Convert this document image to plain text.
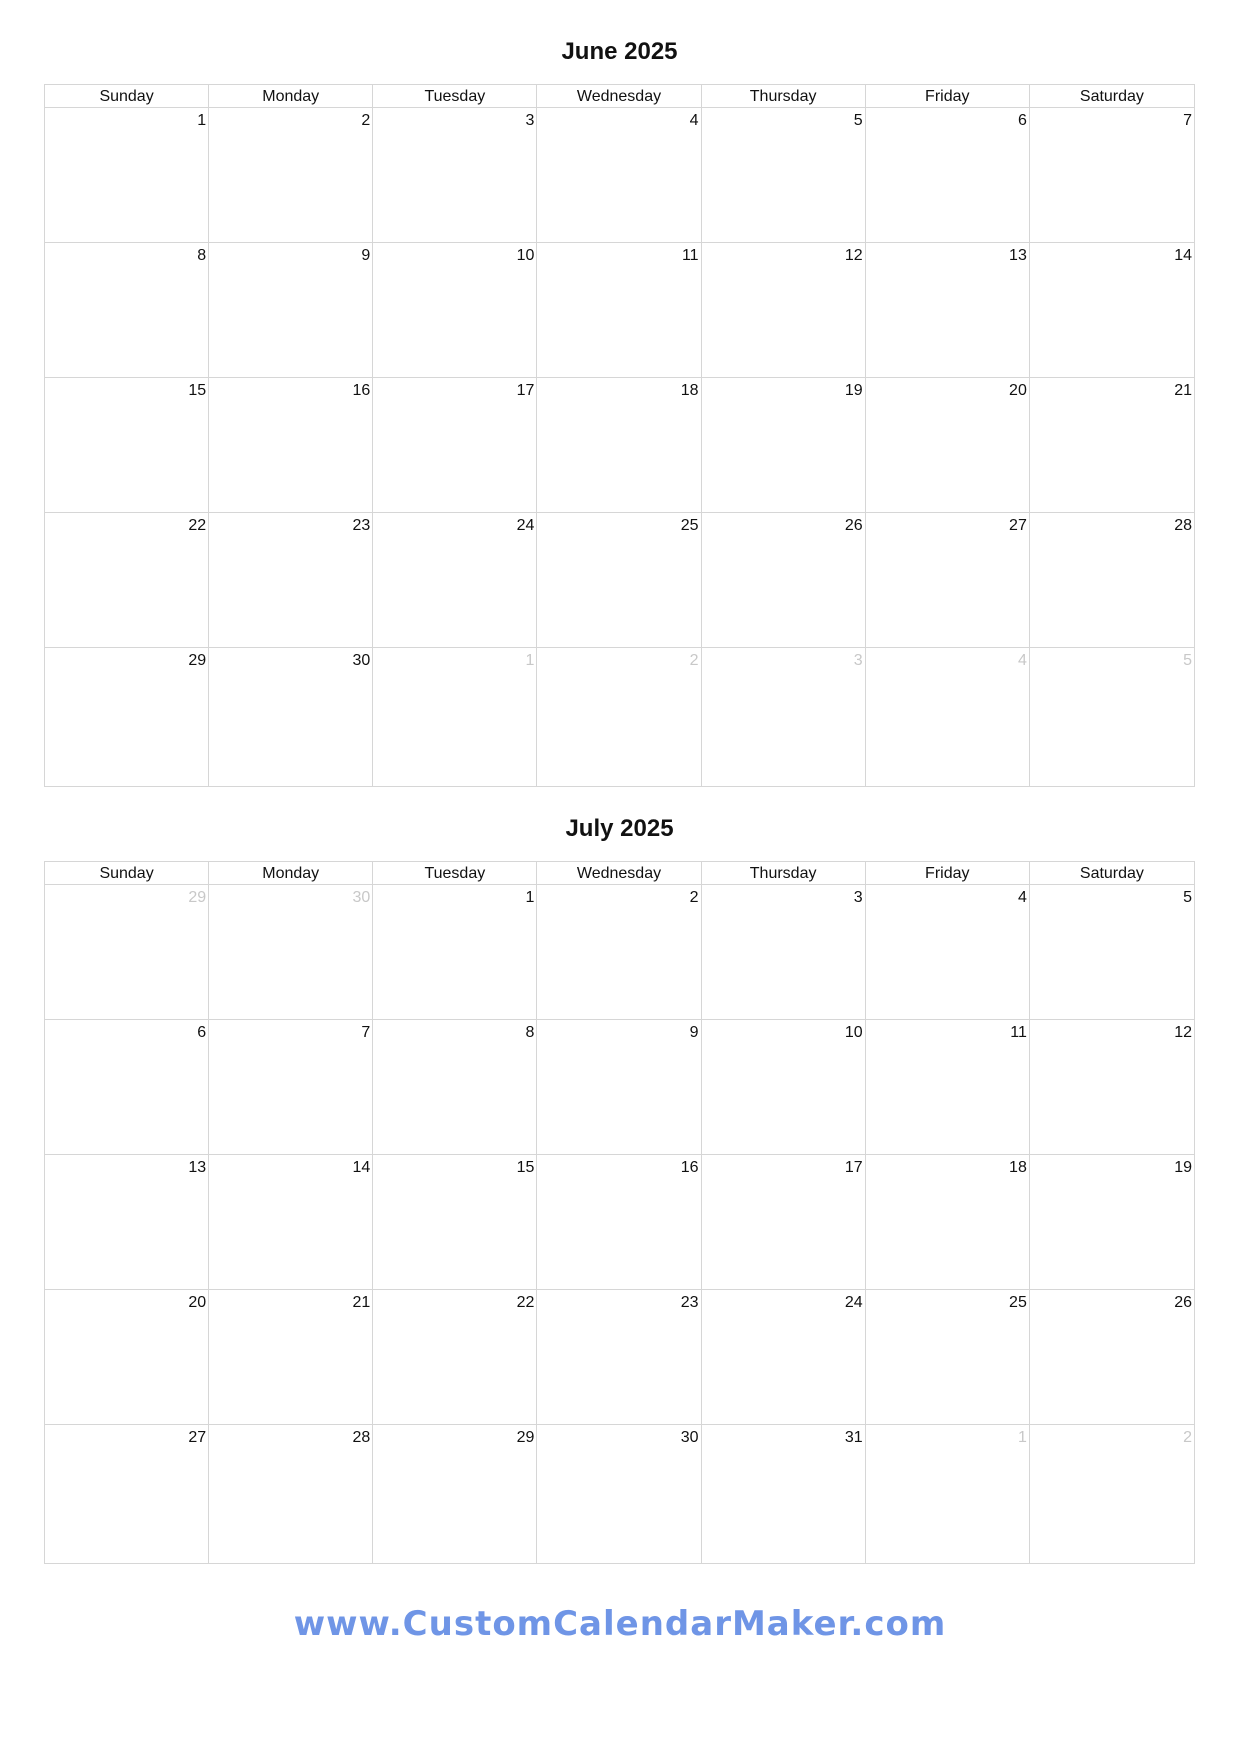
June 2025
Sunday	Monday	Tuesday	Wednesday	Thursday	Friday	Saturday
1	2	3	4	5	6	7
8	9	10	11	12	13	14
15	16	17	18	19	20	21
22	23	24	25	26	27	28
29	30	1	2	3	4	5
July 2025
Sunday	Monday	Tuesday	Wednesday	Thursday	Friday	Saturday
29	30	1	2	3	4	5
6	7	8	9	10	11	12
13	14	15	16	17	18	19
20	21	22	23	24	25	26
27	28	29	30	31	1	2
www.CustomCalendarMaker.com
